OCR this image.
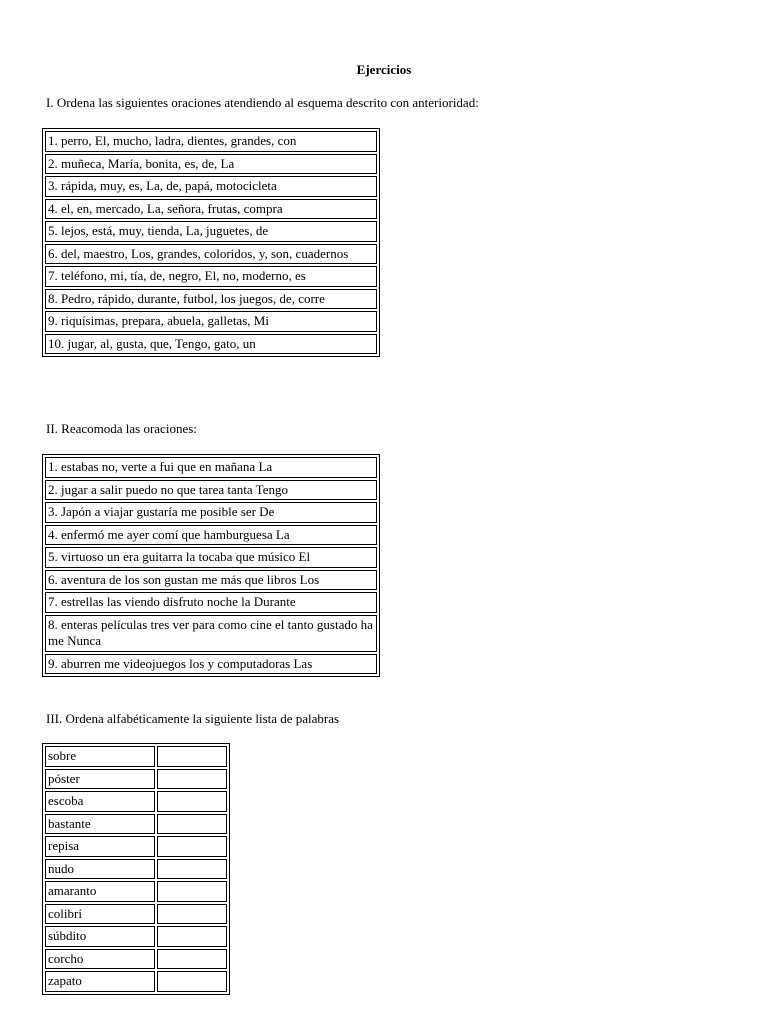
Ejercicios
I. Ordena las siguientes oraciones atendiendo al esquema descrito con anterioridad:
1. perro, El, mucho, ladra, dientes, grandes, con
2. muñeca, María, bonita, es, de, La
3. rápida, muy, es, La, de, papá, motocicleta
4. el, en, mercado, La, señora, frutas, compra
5. lejos, está, muy, tienda, La, juguetes, de
6. del, maestro, Los, grandes, coloridos, y, son, cuadernos
7. teléfono, mi, tía, de, negro, El, no, moderno, es
8. Pedro, rápido, durante, futbol, los juegos, de, corre
9. riquísimas, prepara, abuela, galletas, Mi
10. jugar, al, gusta, que, Tengo, gato, un
II. Reacomoda las oraciones:
1. estabas no, verte a fui que en mañana La
2. jugar a salir puedo no que tarea tanta Tengo
3. Japón a viajar gustaría me posible ser De
4. enfermó me ayer comí que hamburguesa La
5. virtuoso un era guitarra la tocaba que músico El
6. aventura de los son gustan me más que libros Los
7. estrellas las viendo disfruto noche la Durante
8. enteras películas tres ver para como cine el tanto gustado ha me Nunca
9. aburren me videojuegos los y computadoras Las
III. Ordena alfabéticamente la siguiente lista de palabras
sobre	
póster	
escoba	
bastante	
repisa	
nudo	
amaranto	
colibrí	
súbdito	
corcho	
zapato	
